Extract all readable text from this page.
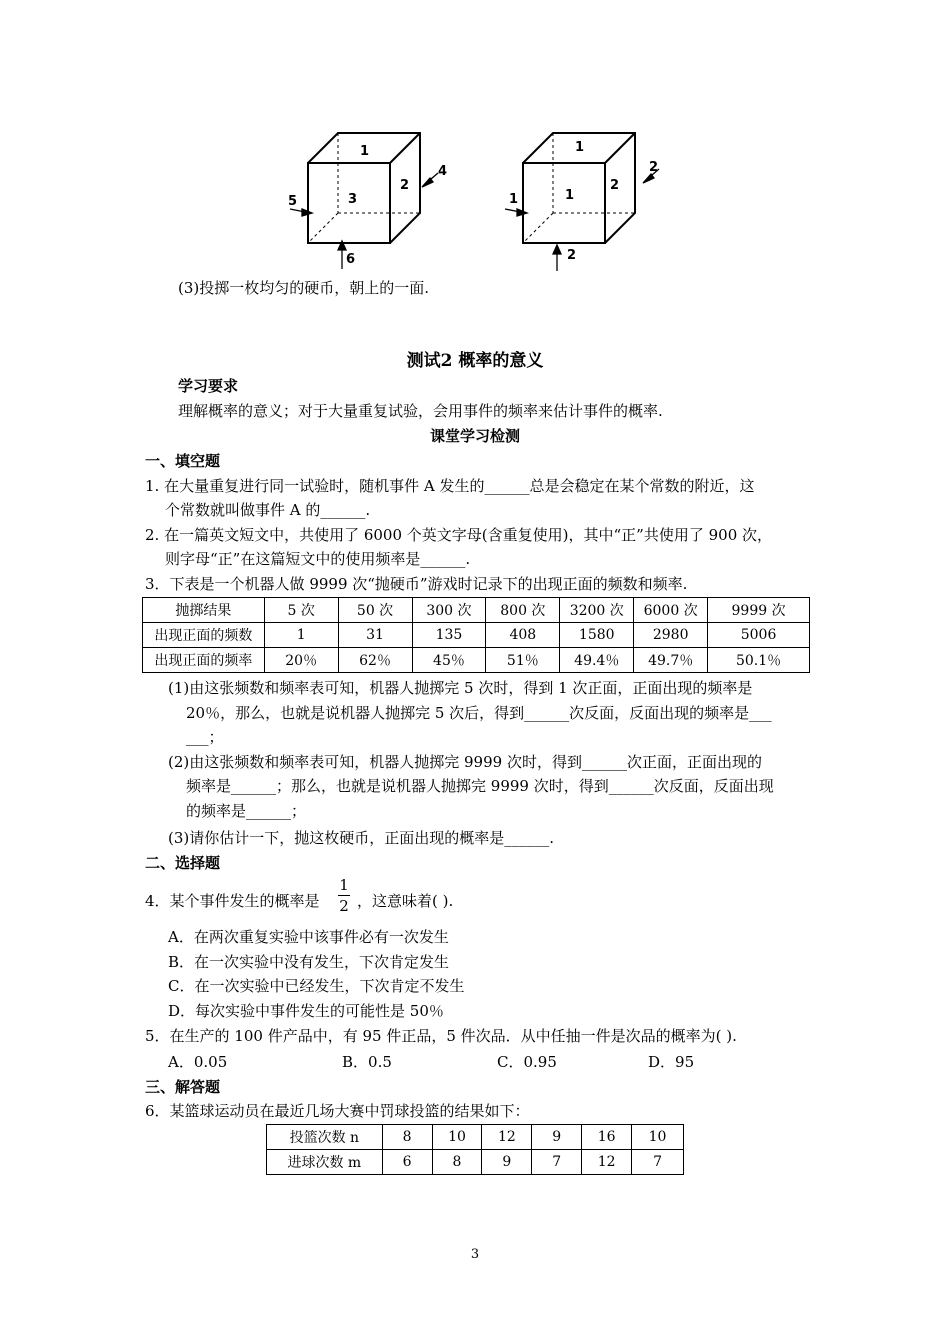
1
3
2
4
5
6
1
1
2
2
1
2
(3)投掷一枚均匀的硬币，朝上的一面.
测试2 概率的意义
学习要求
理解概率的意义；对于大量重复试验，会用事件的频率来估计事件的概率.
课堂学习检测
一、填空题
1. 在大量重复进行同一试验时，随机事件 A 发生的______总是会稳定在某个常数的附近，这
个常数就叫做事件 A 的______.
2. 在一篇英文短文中，共使用了 6000 个英文字母(含重复使用)，其中“正”共使用了 900 次，
则字母“正”在这篇短文中的使用频率是______.
3．下表是一个机器人做 9999 次“抛硬币”游戏时记录下的出现正面的频数和频率.
抛掷结果	5 次	50 次	300 次	800 次	3200 次	6000 次	9999 次
出现正面的频数	1	31	135	408	1580	2980	5006
出现正面的频率	20％	62％	45％	51％	49.4％	49.7％	50.1％
(1)由这张频数和频率表可知，机器人抛掷完 5 次时，得到 1 次正面，正面出现的频率是
20％，那么，也就是说机器人抛掷完 5 次后，得到______次反面，反面出现的频率是___
___；
(2)由这张频数和频率表可知，机器人抛掷完 9999 次时，得到______次正面，正面出现的
频率是______；那么，也就是说机器人抛掷完 9999 次时，得到______次反面，反面出现
的频率是______；
(3)请你估计一下，抛这枚硬币，正面出现的概率是______.
二、选择题
4．某个事件发生的概率是
1
2 ，这意味着( ).
A．在两次重复实验中该事件必有一次发生
B．在一次实验中没有发生，下次肯定发生
C．在一次实验中已经发生，下次肯定不发生
D．每次实验中事件发生的可能性是 50％
5．在生产的 100 件产品中，有 95 件正品，5 件次品．从中任抽一件是次品的概率为( ).
A．0.05	B．0.5	C．0.95	D．95
三、解答题
6．某篮球运动员在最近几场大赛中罚球投篮的结果如下：
投篮次数 n	8	10	12	9	16	10
进球次数 m	6	8	9	7	12	7
3
